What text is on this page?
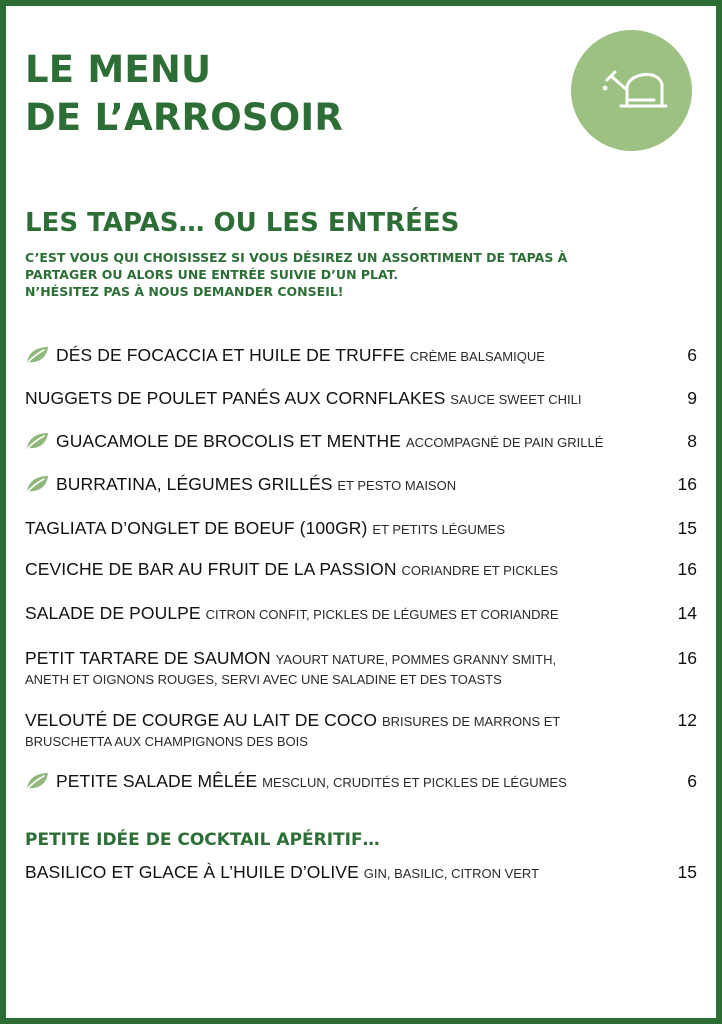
LE MENU
DE L’ARROSOIR
LES TAPAS… OU LES ENTRÉES
C’EST VOUS QUI CHOISISSEZ SI VOUS DÉSIREZ UN ASSORTIMENT DE TAPAS À
PARTAGER OU ALORS UNE ENTRÉE SUIVIE D’UN PLAT.
N’HÉSITEZ PAS À NOUS DEMANDER CONSEIL!
DÉS DE FOCACCIA ET HUILE DE TRUFFE CRÈME BALSAMIQUE	6
NUGGETS DE POULET PANÉS AUX CORNFLAKES SAUCE SWEET CHILI	9
GUACAMOLE DE BROCOLIS ET MENTHE ACCOMPAGNÉ DE PAIN GRILLÉ	8
BURRATINA, LÉGUMES GRILLÉS ET PESTO MAISON	16
TAGLIATA D’ONGLET DE BOEUF (100GR) ET PETITS LÉGUMES	15
CEVICHE DE BAR AU FRUIT DE LA PASSION CORIANDRE ET PICKLES	16
SALADE DE POULPE CITRON CONFIT, PICKLES DE LÉGUMES ET CORIANDRE	14
PETIT TARTARE DE SAUMON YAOURT NATURE, POMMES GRANNY SMITH,
ANETH ET OIGNONS ROUGES, SERVI AVEC UNE SALADINE ET DES TOASTS
16
VELOUTÉ DE COURGE AU LAIT DE COCO BRISURES DE MARRONS ET
BRUSCHETTA AUX CHAMPIGNONS DES BOIS
12
PETITE SALADE MÊLÉE MESCLUN, CRUDITÉS ET PICKLES DE LÉGUMES	6
PETITE IDÉE DE COCKTAIL APÉRITIF…
BASILICO ET GLACE À L’HUILE D’OLIVE GIN, BASILIC, CITRON VERT	15
